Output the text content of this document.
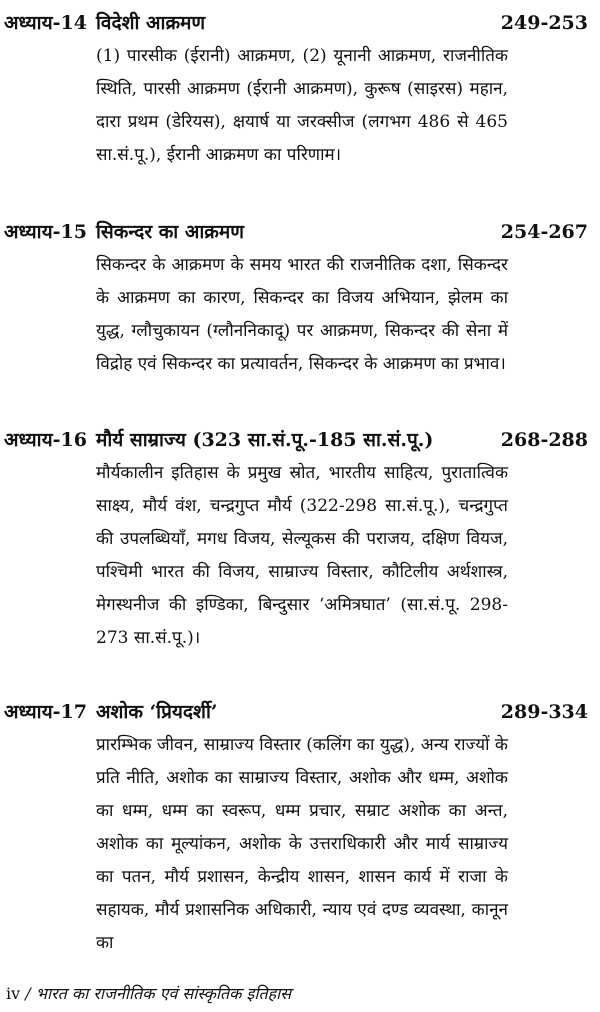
अध्याय-14 विदेशी आक्रमण	249-253
(1) पारसीक (ईरानी) आक्रमण, (2) यूनानी आक्रमण, राजनीतिक स्थिति, पारसी आक्रमण (ईरानी आक्रमण), कुरूष (साइरस) महान, दारा प्रथम (डेरियस), क्षयार्ष या जरक्सीज (लगभग 486 से 465 सा.सं.पू.), ईरानी आक्रमण का परिणाम।
अध्याय-15 सिकन्दर का आक्रमण	254-267
सिकन्दर के आक्रमण के समय भारत की राजनीतिक दशा, सिकन्दर के आक्रमण का कारण, सिकन्दर का विजय अभियान, झेलम का युद्ध, ग्लौचुकायन (ग्लौननिकादू) पर आक्रमण, सिकन्दर की सेना में विद्रोह एवं सिकन्दर का प्रत्यावर्तन, सिकन्दर के आक्रमण का प्रभाव।
अध्याय-16 मौर्य साम्राज्य (323 सा.सं.पू.-185 सा.सं.पू.)	268-288
मौर्यकालीन इतिहास के प्रमुख स्रोत, भारतीय साहित्य, पुरातात्विक साक्ष्य, मौर्य वंश, चन्द्रगुप्त मौर्य (322-298 सा.सं.पू.), चन्द्रगुप्त की उपलब्धियाँ, मगध विजय, सेल्यूकस की पराजय, दक्षिण वियज, पश्चिमी भारत की विजय, साम्राज्य विस्तार, कौटिलीय अर्थशास्त्र, मेगस्थनीज की इण्डिका, बिन्दुसार ‘अमित्रघात’ (सा.सं.पू. 298-273 सा.सं.पू.)।
अध्याय-17 अशोक ‘प्रियदर्शी’	289-334
प्रारम्भिक जीवन, साम्राज्य विस्तार (कलिंग का युद्ध), अन्य राज्यों के प्रति नीति, अशोक का साम्राज्य विस्तार, अशोक और धम्म, अशोक का धम्म, धम्म का स्वरूप, धम्म प्रचार, सम्राट अशोक का अन्त, अशोक का मूल्यांकन, अशोक के उत्तराधिकारी और मार्य साम्राज्य का पतन, मौर्य प्रशासन, केन्द्रीय शासन, शासन कार्य में राजा के सहायक, मौर्य प्रशासनिक अधिकारी, न्याय एवं दण्ड व्यवस्था, कानून का
iv / भारत का राजनीतिक एवं सांस्कृतिक इतिहास
